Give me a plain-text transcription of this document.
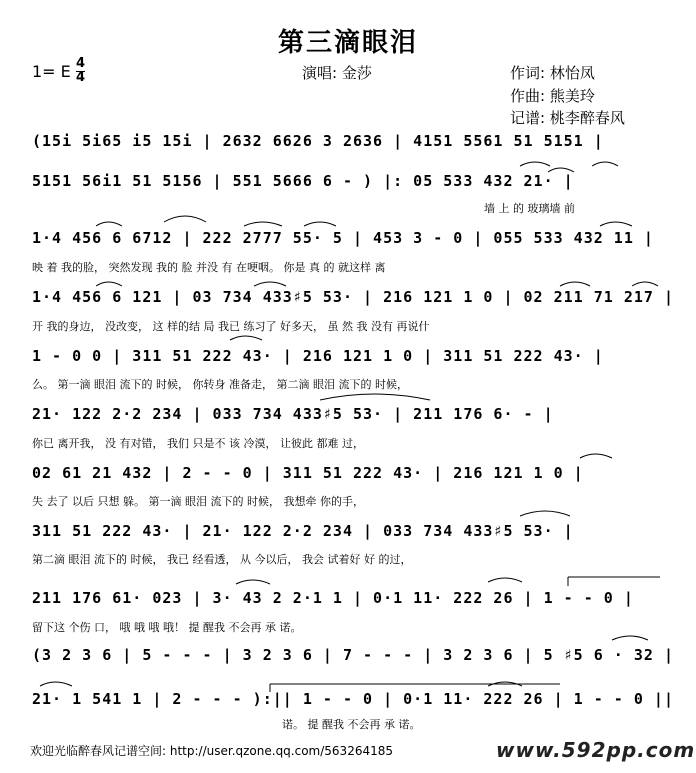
第三滴眼泪
1= E $\frac{4}{4}$	演唱: 金莎	作词: 林怡凤
作曲: 熊美玲
记谱: 桃李醉春风
(15i 5i65 i5 15i | 2632 6626 3 2636 | 4151 5561 51 5151 |
5151 56i1 51 5156 | 551 5666 6 - ) |: 05 533 432 21· |
墙 上 的 玻璃墙 前
1·4 456 6 6712 | 222 2777 55· 5 | 453 3 - 0 | 055 533 432 11 |
映 着 我的脸， 突然发现 我的 脸 并没 有 在哽咽。 你是 真 的 就这样 离
1·4 456 6 121 | 03 734 433♯5 53· | 216 121 1 0 | 02 211 71 217 |
开 我的身边， 没改变， 这 样的结 局 我已 练习了 好多天， 虽 然 我 没有 再说什
1 - 0 0 | 311 51 222 43· | 216 121 1 0 | 311 51 222 43· |
么。 第一滴 眼泪 流下的 时候， 你转身 准备走， 第二滴 眼泪 流下的 时候，
21· 122 2·2 234 | 033 734 433♯5 53· | 211 176 6· - |
你已 离开我， 没 有对错， 我们 只是不 该 冷漠， 让彼此 都难 过，
02 61 21 432 | 2 - - 0 | 311 51 222 43· | 216 121 1 0 |
失 去了 以后 只想 躲。 第一滴 眼泪 流下的 时候， 我想牵 你的手，
311 51 222 43· | 21· 122 2·2 234 | 033 734 433♯5 53· |
第二滴 眼泪 流下的 时候， 我已 经看透， 从 今以后， 我会 试着好 好 的过，
211 176 61· 023 | 3· 43 2 2·1 1 | 0·1 11· 222 26 | 1 - - 0 |
留下这 个伤 口， 哦 哦 哦 哦！ 提 醒我 不会再 承 诺。
(3 2 3 6 | 5 - - - | 3 2 3 6 | 7 - - - | 3 2 3 6 | 5 ♯5 6 · 32 |
21· 1 541 1 | 2 - - - ):|| 1 - - 0 | 0·1 11· 222 26 | 1 - - 0 ||
诺。 提 醒我 不会再 承 诺。
欢迎光临醉春风记谱空间: http://user.qzone.qq.com/563264185	www.592pp.com
